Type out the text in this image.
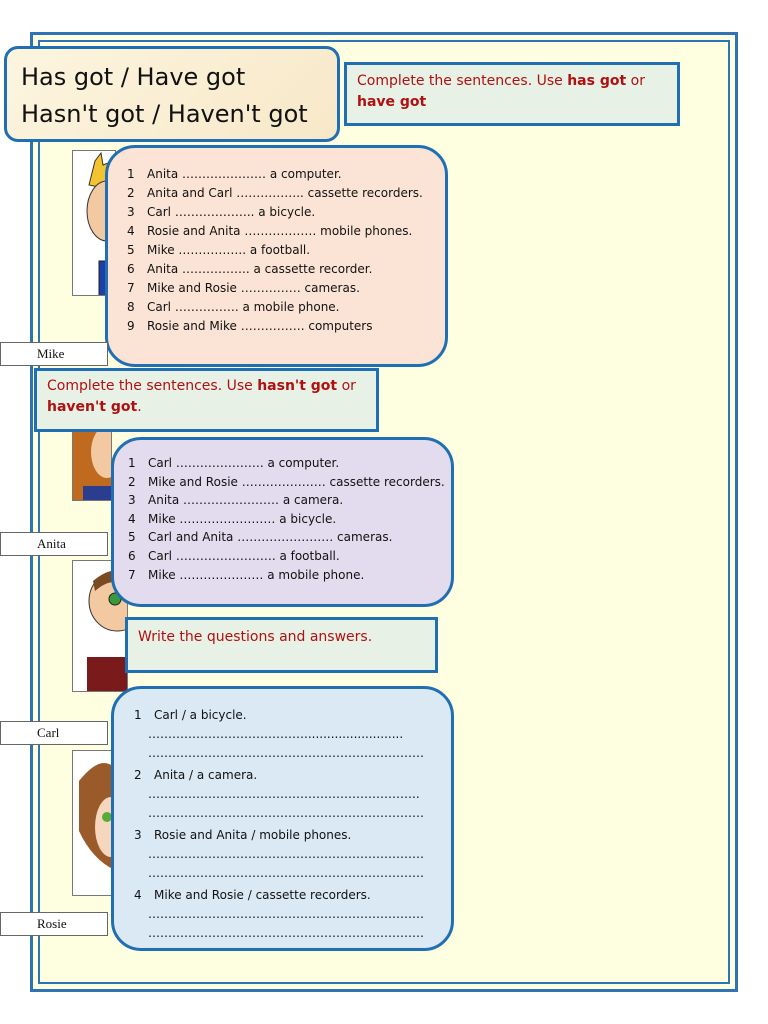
Has got / Have got
Hasn't got / Haven't got
Complete the sentences. Use has got or
have got
1 Anita ………………… a computer.
2 Anita and Carl …………….. cassette recorders.
3 Carl ……………….. a bicycle.
4 Rosie and Anita ……………… mobile phones.
5 Mike …………….. a football.
6 Anita …………….. a cassette recorder.
7 Mike and Rosie …………… cameras.
8 Carl ……………. a mobile phone.
9 Rosie and Mike ……………. computers
Mike
Anita
Carl
Rosie
Complete the sentences. Use hasn't got or
haven't got.
1 Carl …………………. a computer.
2 Mike and Rosie ………………… cassette recorders.
3 Anita …………………… a camera.
4 Mike …………………… a bicycle.
5 Carl and Anita …………………… cameras.
6 Carl ……………………. a football.
7 Mike ………………… a mobile phone.
Write the questions and answers.
1 Carl / a bicycle.
…………………………………..........................
……………………………………………………………
2 Anita / a camera.
…………………………………………………………..
……………………………………………………………
3 Rosie and Anita / mobile phones.
……………………………………………………………
……………………………………………………………
4 Mike and Rosie / cassette recorders.
……………………………………………………………
……………………………………………………………
